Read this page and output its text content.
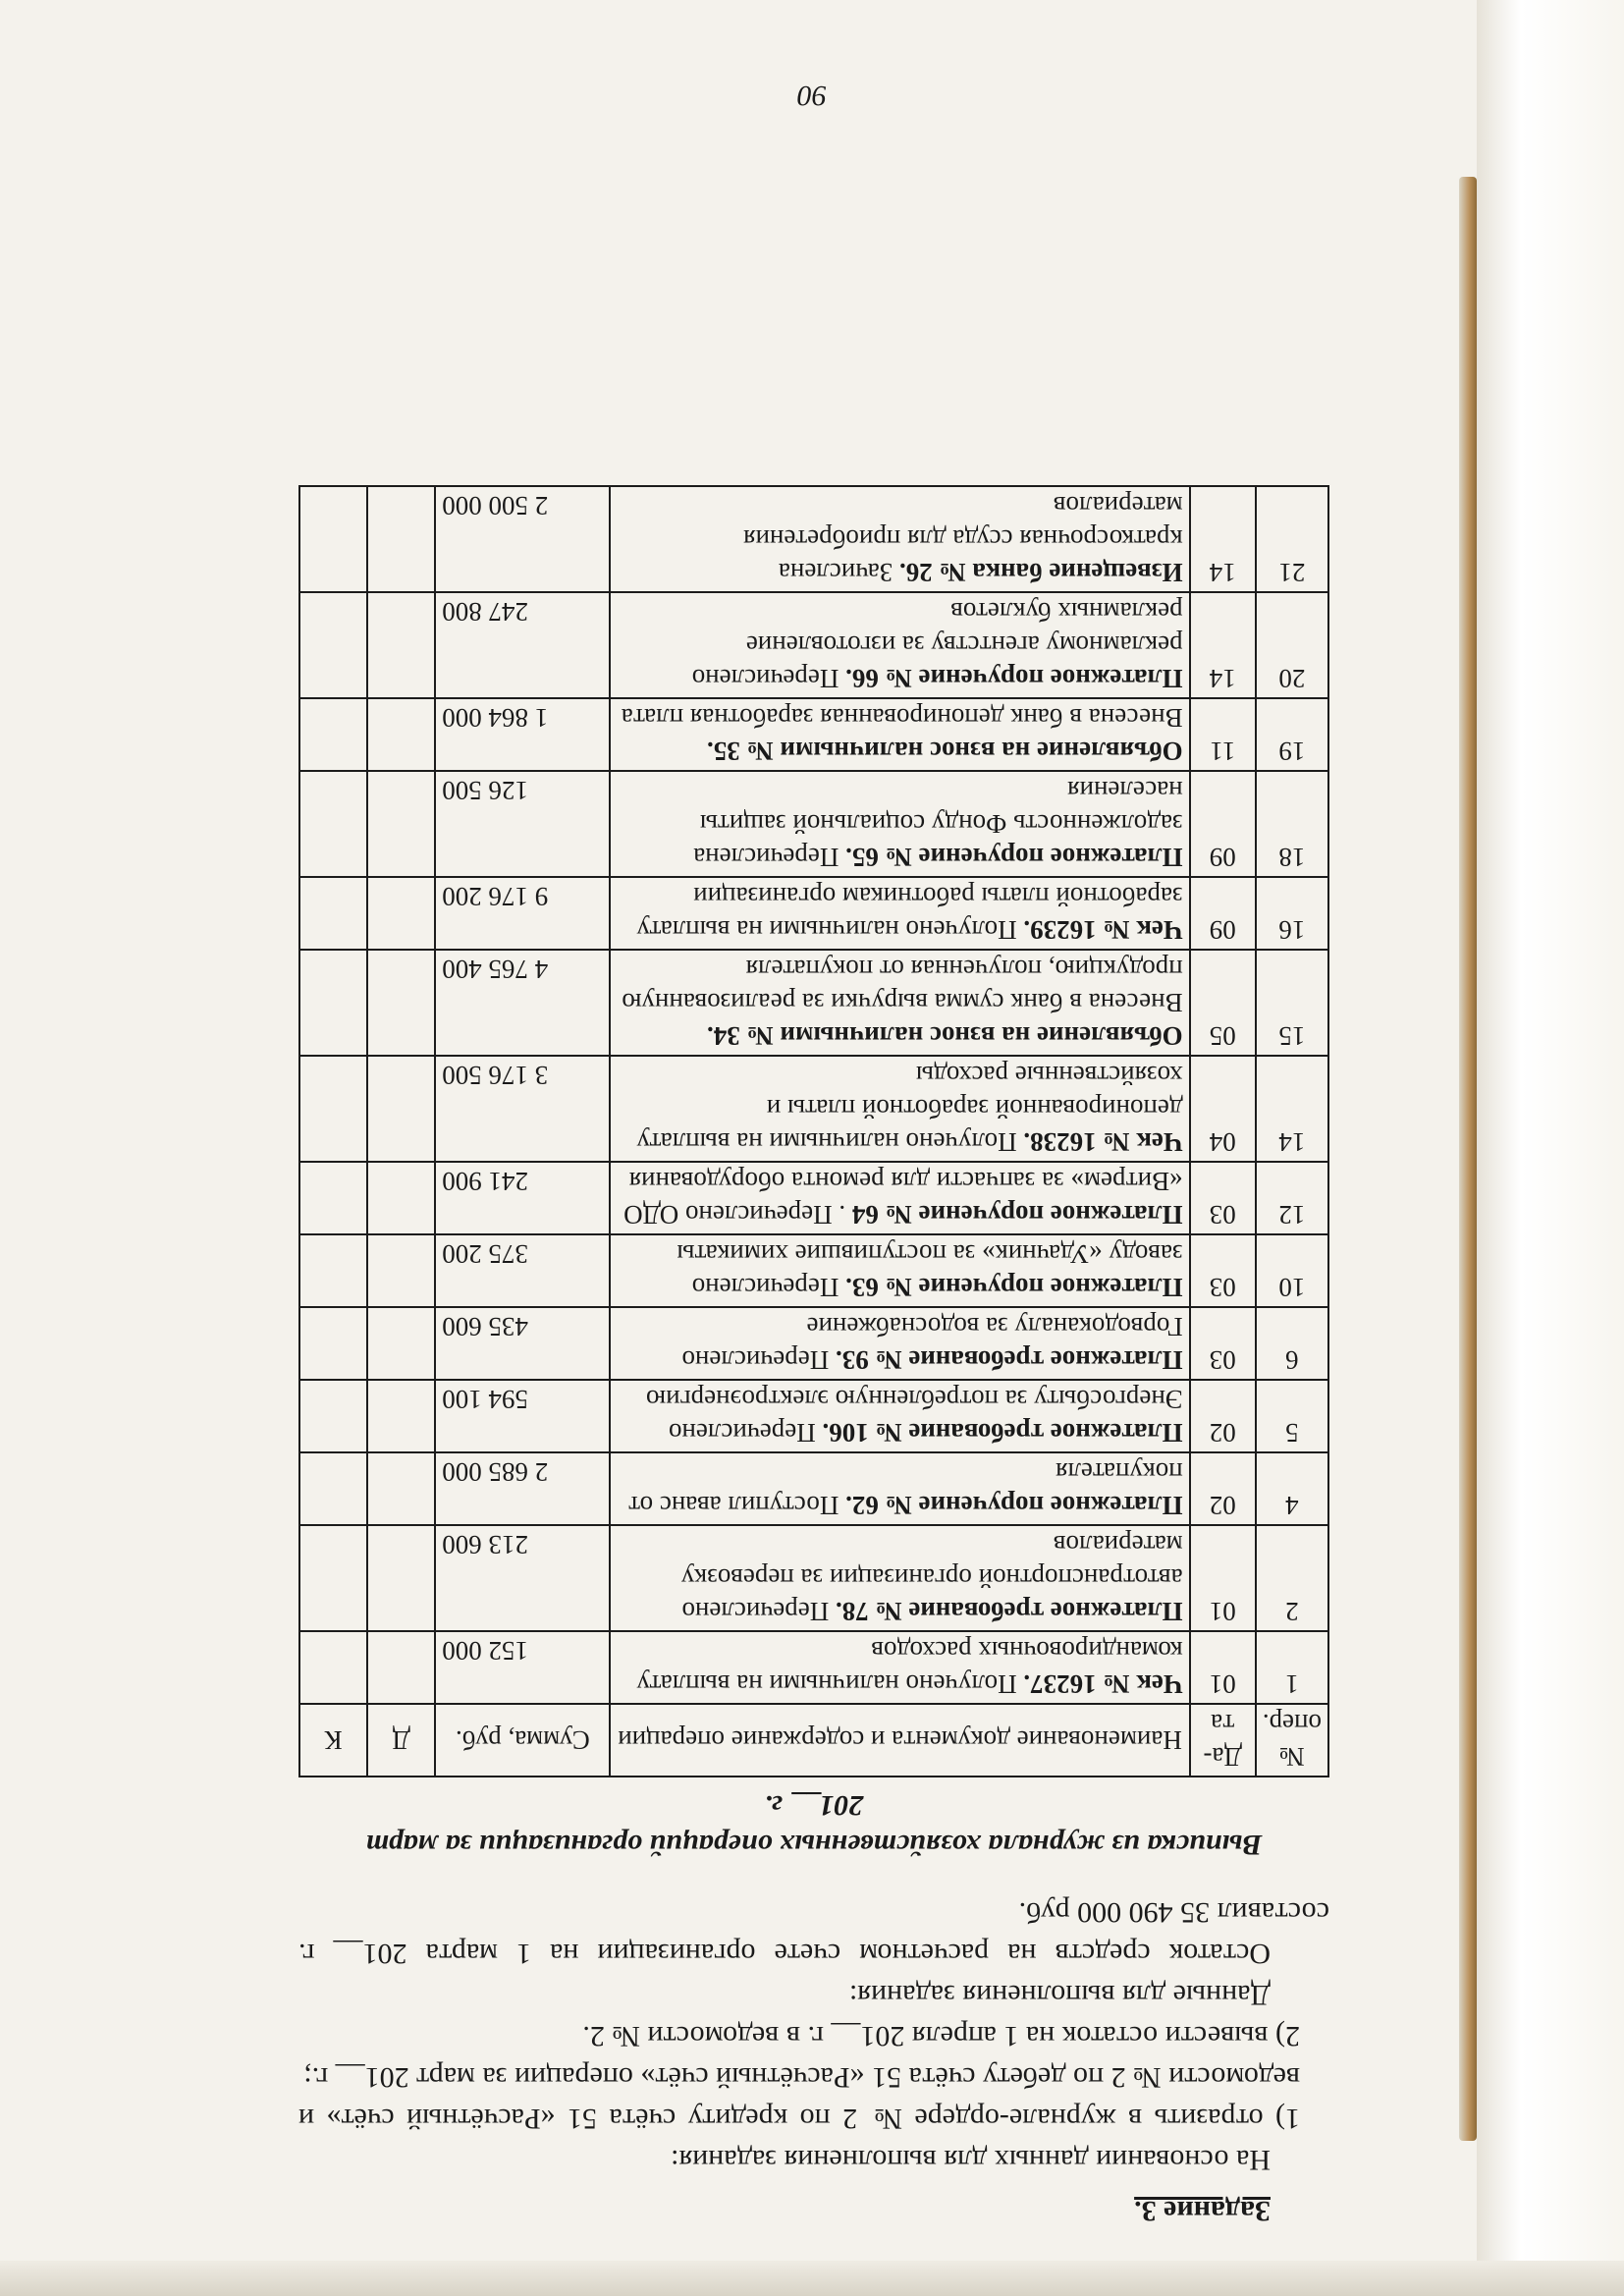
Задание 3.

На основании данных для выполнения задания:

1) отразить в журнале-ордере № 2 по кредиту счёта 51 «Расчётный счёт» и ведомости № 2 по дебету счёта 51 «Расчётный счёт» операции за март 201__ г.;

2) вывести остаток на 1 апреля 201__ г. в ведомости № 2.

Данные для выполнения задания:

Остаток средств на расчетном счете организации на 1 марта 201__ г. составил 35 490 000 руб.

Выписка из журнала хозяйственных операций организации за март
201__ г.

№ опер.	Да- та	Наименование документа и содержание операции	Сумма, руб.	Д	К
1	01	Чек № 16237. Получено наличными на выплату командировочных расходов	152 000		
2	01	Платежное требование № 78. Перечислено автотранспортной организации за перевозку материалов	213 600		
4	02	Платежное поручение № 62. Поступил аванс от покупателя	2 685 000		
5	02	Платежное требование № 106. Перечислено Энергосбыту за потребленную электроэнергию	594 100		
6	03	Платежное требование № 93. Перечислено Горводоканалу за водоснабжение	435 600		
10	03	Платежное поручение № 63. Перечислено заводу «Удачник» за поступившие химикаты	375 200		
12	03	Платежное поручение № 64 . Перечислено ОДО «Витрем» за запчасти для ремонта оборудования	241 900		
14	04	Чек № 16238. Получено наличными на выплату депонированной заработной платы и хозяйственные расходы	3 176 500		
15	05	Объявление на взнос наличными № 34. Внесена в банк сумма выручки за реализованную продукцию, полученная от покупателя	4 765 400		
16	09	Чек № 16239. Получено наличными на выплату заработной платы работникам организации	9 176 200		
18	09	Платежное поручение № 65. Перечислена задолженность Фонду социальной защиты населения	126 500		
19	11	Объявление на взнос наличными № 35. Внесена в банк депонированная заработная плата	1 864 000		
20	14	Платежное поручение № 66. Перечислено рекламному агентству за изготовление рекламных буклетов	247 800		
21	14	Извещение банка № 26. Зачислена краткосрочная ссуда для приобретения материалов	2 500 000		
90
